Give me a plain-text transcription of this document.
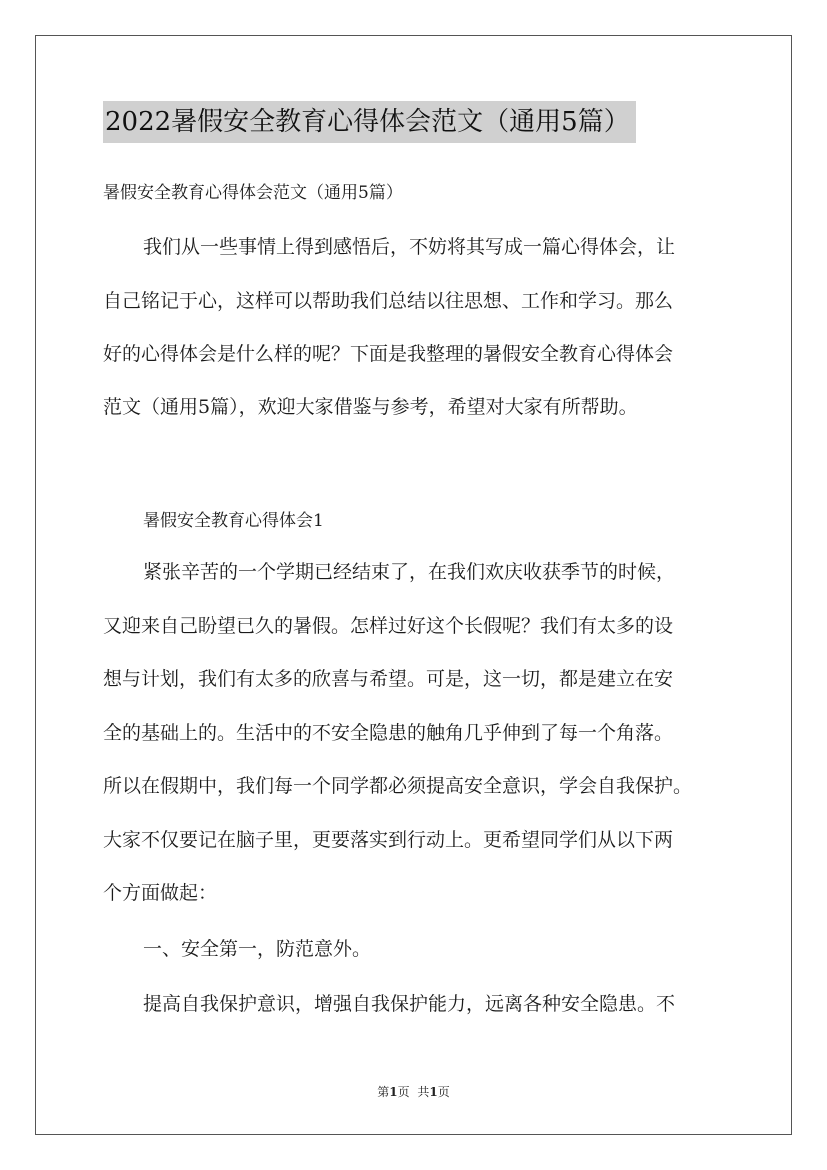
2022暑假安全教育心得体会范文（通用5篇）
暑假安全教育心得体会范文（通用5篇）
我们从一些事情上得到感悟后，不妨将其写成一篇心得体会，让
自己铭记于心，这样可以帮助我们总结以往思想、工作和学习。那么
好的心得体会是什么样的呢？下面是我整理的暑假安全教育心得体会
范文（通用5篇），欢迎大家借鉴与参考，希望对大家有所帮助。
暑假安全教育心得体会1
紧张辛苦的一个学期已经结束了，在我们欢庆收获季节的时候，
又迎来自己盼望已久的暑假。怎样过好这个长假呢？我们有太多的设
想与计划，我们有太多的欣喜与希望。可是，这一切，都是建立在安
全的基础上的。生活中的不安全隐患的触角几乎伸到了每一个角落。
所以在假期中，我们每一个同学都必须提高安全意识，学会自我保护。
大家不仅要记在脑子里，更要落实到行动上。更希望同学们从以下两
个方面做起：
一、安全第一，防范意外。
提高自我保护意识，增强自我保护能力，远离各种安全隐患。不
第1页 共1页
